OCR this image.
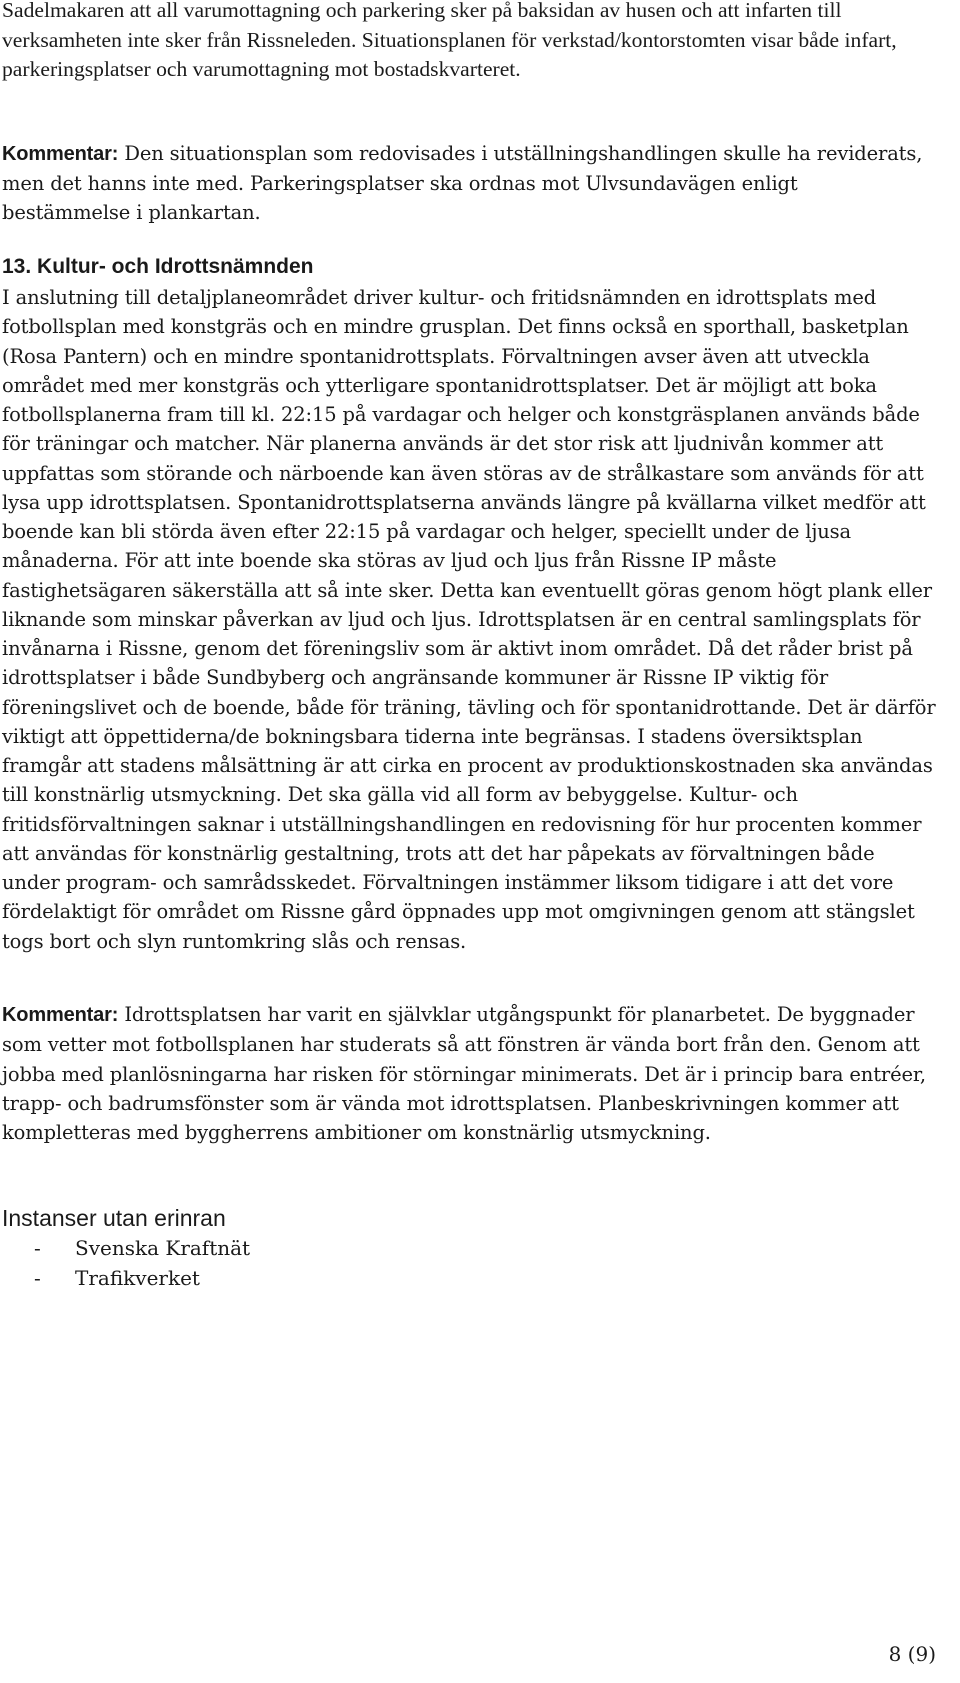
Sadelmakaren att all varumottagning och parkering sker på baksidan av husen och att infarten till verksamheten inte sker från Rissneleden. Situationsplanen för verkstad/kontorstomten visar både infart, parkeringsplatser och varumottagning mot bostadskvarteret.

Kommentar: Den situationsplan som redovisades i utställningshandlingen skulle ha reviderats, men det hanns inte med. Parkeringsplatser ska ordnas mot Ulvsundavägen enligt bestämmelse i plankartan.

13. Kultur- och Idrottsnämnden

I anslutning till detaljplaneområdet driver kultur- och fritidsnämnden en idrottsplats med fotbollsplan med konstgräs och en mindre grusplan. Det finns också en sporthall, basketplan (Rosa Pantern) och en mindre spontanidrottsplats. Förvaltningen avser även att utveckla området med mer konstgräs och ytterligare spontanidrottsplatser. Det är möjligt att boka fotbollsplanerna fram till kl. 22:15 på vardagar och helger och konstgräsplanen används både för träningar och matcher. När planerna används är det stor risk att ljudnivån kommer att uppfattas som störande och närboende kan även störas av de strålkastare som används för att lysa upp idrottsplatsen. Spontanidrottsplatserna används längre på kvällarna vilket medför att boende kan bli störda även efter 22:15 på vardagar och helger, speciellt under de ljusa månaderna. För att inte boende ska störas av ljud och ljus från Rissne IP måste fastighetsägaren säkerställa att så inte sker. Detta kan eventuellt göras genom högt plank eller liknande som minskar påverkan av ljud och ljus. Idrottsplatsen är en central samlingsplats för invånarna i Rissne, genom det föreningsliv som är aktivt inom området. Då det råder brist på idrottsplatser i både Sundbyberg och angränsande kommuner är Rissne IP viktig för föreningslivet och de boende, både för träning, tävling och för spontanidrottande. Det är därför viktigt att öppettiderna/de bokningsbara tiderna inte begränsas. I stadens översiktsplan framgår att stadens målsättning är att cirka en procent av produktionskostnaden ska användas till konstnärlig utsmyckning. Det ska gälla vid all form av bebyggelse. Kultur- och fritidsförvaltningen saknar i utställningshandlingen en redovisning för hur procenten kommer att användas för konstnärlig gestaltning, trots att det har påpekats av förvaltningen både under program- och samrådsskedet. Förvaltningen instämmer liksom tidigare i att det vore fördelaktigt för området om Rissne gård öppnades upp mot omgivningen genom att stängslet togs bort och slyn runtomkring slås och rensas.

Kommentar: Idrottsplatsen har varit en självklar utgångspunkt för planarbetet. De byggnader som vetter mot fotbollsplanen har studerats så att fönstren är vända bort från den. Genom att jobba med planlösningarna har risken för störningar minimerats. Det är i princip bara entréer, trapp- och badrumsfönster som är vända mot idrottsplatsen. Planbeskrivningen kommer att kompletteras med byggherrens ambitioner om konstnärlig utsmyckning.

Instanser utan erinran
- Svenska Kraftnät
- Trafikverket
8 (9)
